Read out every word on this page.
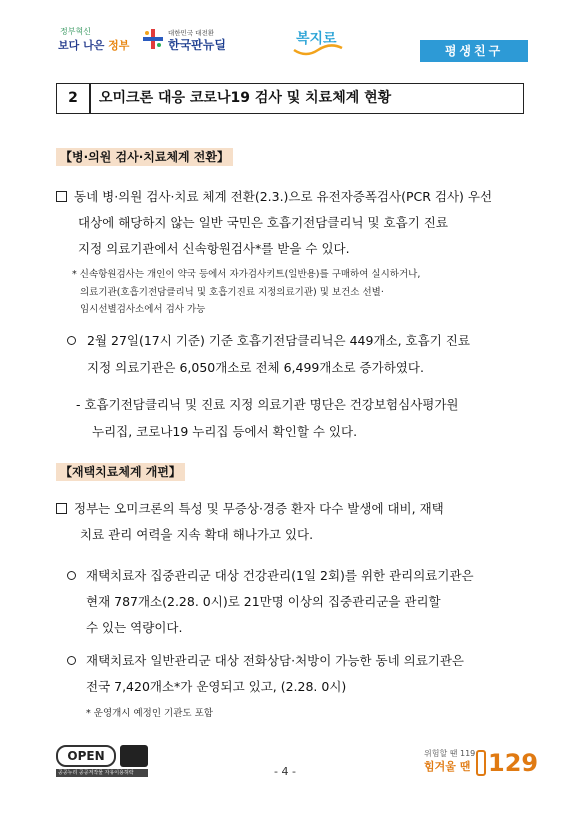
정부혁신
보다 나은 정부
대한민국 대전환
한국판뉴딜	복지로
평생친구
2	오미크론 대응 코로나19 검사 및 치료체계 현황
【병·의원 검사·치료체계 전환】
동네 병·의원 검사·치료 체계 전환(2.3.)으로 유전자증폭검사(PCR 검사) 우선
대상에 해당하지 않는 일반 국민은 호흡기전담클리닉 및 호흡기 진료
지정 의료기관에서 신속항원검사*를 받을 수 있다.
* 신속항원검사는 개인이 약국 등에서 자가검사키트(일반용)를 구매하여 실시하거나,
의료기관(호흡기전담클리닉 및 호흡기진료 지정의료기관) 및 보건소 선별·
임시선별검사소에서 검사 가능
2월 27일(17시 기준) 기준 호흡기전담클리닉은 449개소, 호흡기 진료
지정 의료기관은 6,050개소로 전체 6,499개소로 증가하였다.
- 호흡기전담클리닉 및 진료 지정 의료기관 명단은 건강보험심사평가원
누리집, 코로나19 누리집 등에서 확인할 수 있다.
【재택치료체계 개편】
정부는 오미크론의 특성 및 무증상·경증 환자 다수 발생에 대비, 재택
치료 관리 여력을 지속 확대 해나가고 있다.
재택치료자 집중관리군 대상 건강관리(1일 2회)를 위한 관리의료기관은
현재 787개소(2.28. 0시)로 21만명 이상의 집중관리군을 관리할
수 있는 역량이다.
재택치료자 일반관리군 대상 전화상담·처방이 가능한 동네 의료기관은
전국 7,420개소*가 운영되고 있고, (2.28. 0시)
* 운영개시 예정인 기관도 포함
OPEN
공공누리 공공저작물 자유이용허락	- 4 -
위험할 땐 119
힘겨울 땐 129
